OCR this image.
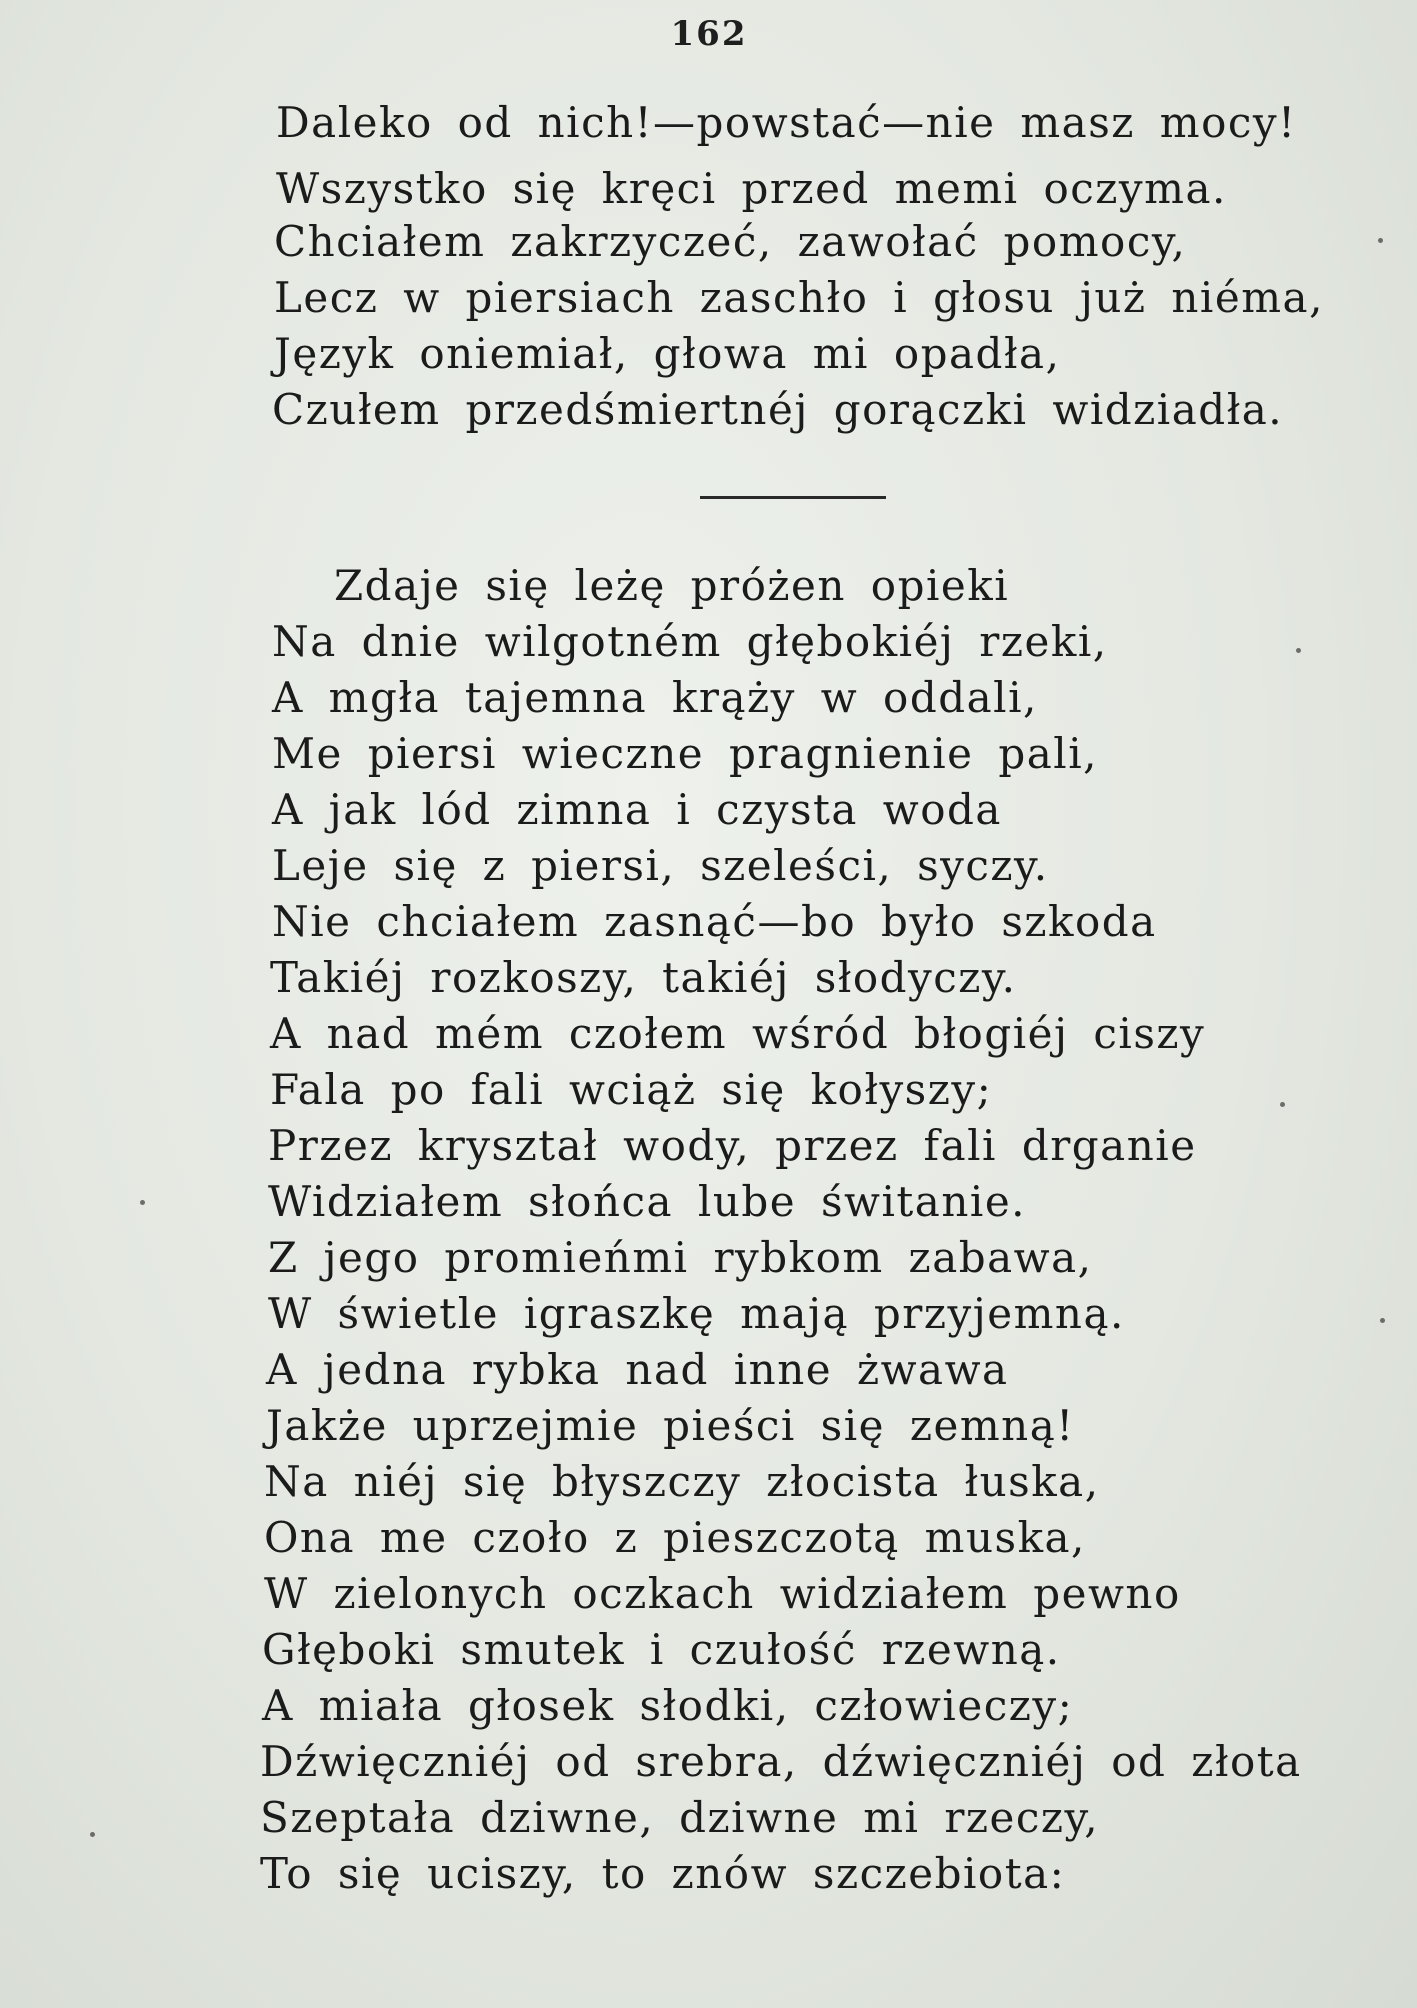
162
Daleko od nich!—powstać—nie masz mocy!
Wszystko się kręci przed memi oczyma.
Chciałem zakrzyczeć, zawołać pomocy,
Lecz w piersiach zaschło i głosu już niéma,
Język oniemiał, głowa mi opadła,
Czułem przedśmiertnéj gorączki widziadła.
Zdaje się leżę próżen opieki
Na dnie wilgotném głębokiéj rzeki,
A mgła tajemna krąży w oddali,
Me piersi wieczne pragnienie pali,
A jak lód zimna i czysta woda
Leje się z piersi, szeleści, syczy.
Nie chciałem zasnąć—bo było szkoda
Takiéj rozkoszy, takiéj słodyczy.
A nad mém czołem wśród błogiéj ciszy
Fala po fali wciąż się kołyszy;
Przez kryształ wody, przez fali drganie
Widziałem słońca lube świtanie.
Z jego promieńmi rybkom zabawa,
W świetle igraszkę mają przyjemną.
A jedna rybka nad inne żwawa
Jakże uprzejmie pieści się zemną!
Na niéj się błyszczy złocista łuska,
Ona me czoło z pieszczotą muska,
W zielonych oczkach widziałem pewno
Głęboki smutek i czułość rzewną.
A miała głosek słodki, człowieczy;
Dźwięczniéj od srebra, dźwięczniéj od złota
Szeptała dziwne, dziwne mi rzeczy,
To się uciszy, to znów szczebiota:
